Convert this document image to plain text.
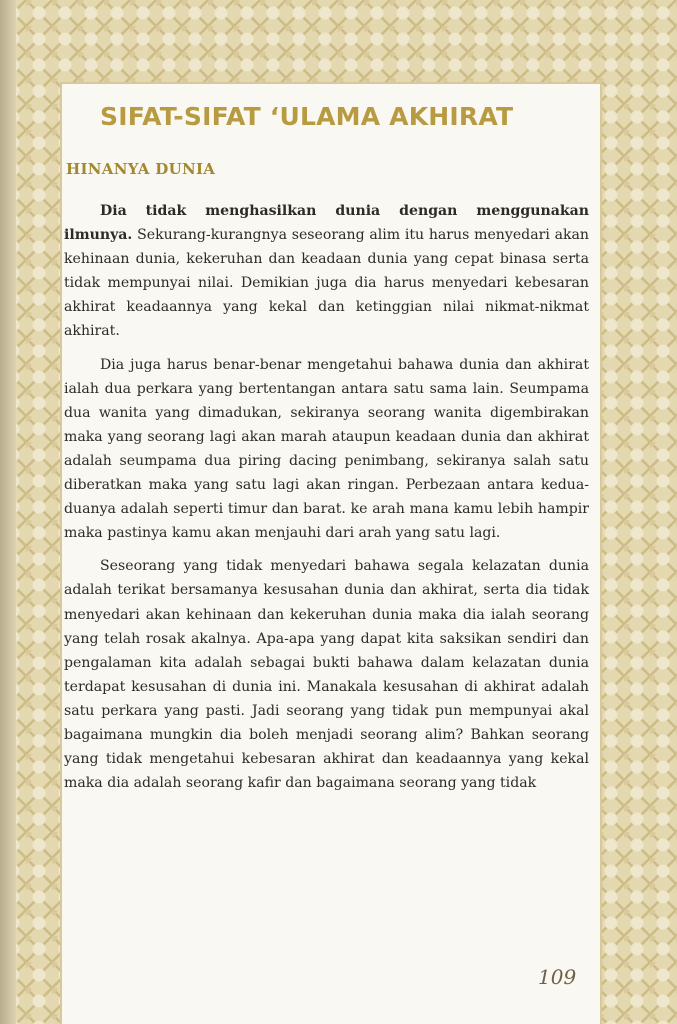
SIFAT-SIFAT ‘ULAMA AKHIRAT
HINANYA DUNIA

Dia tidak menghasilkan dunia dengan menggunakan ilmunya. Sekurang-kurangnya seseorang alim itu harus menyedari akan kehinaan dunia, kekeruhan dan keadaan dunia yang cepat binasa serta tidak mempunyai nilai. Demikian juga dia harus menyedari kebesaran akhirat keadaannya yang kekal dan ketinggian nilai nikmat-nikmat akhirat.

Dia juga harus benar-benar mengetahui bahawa dunia dan akhirat ialah dua perkara yang bertentangan antara satu sama lain. Seumpama dua wanita yang dimadukan, sekiranya seorang wanita digembirakan maka yang seorang lagi akan marah ataupun keadaan dunia dan akhirat adalah seumpama dua piring dacing penimbang, sekiranya salah satu diberatkan maka yang satu lagi akan ringan. Perbezaan antara kedua-duanya adalah seperti timur dan barat. ke arah mana kamu lebih hampir maka pastinya kamu akan menjauhi dari arah yang satu lagi.

Seseorang yang tidak menyedari bahawa segala kelazatan dunia adalah terikat bersamanya kesusahan dunia dan akhirat, serta dia tidak menyedari akan kehinaan dan kekeruhan dunia maka dia ialah seorang yang telah rosak akalnya. Apa-apa yang dapat kita saksikan sendiri dan pengalaman kita adalah sebagai bukti bahawa dalam kelazatan dunia terdapat kesusahan di dunia ini. Manakala kesusahan di akhirat adalah satu perkara yang pasti. Jadi seorang yang tidak pun mempunyai akal bagaimana mungkin dia boleh menjadi seorang alim? Bahkan seorang yang tidak mengetahui kebesaran akhirat dan keadaannya yang kekal maka dia adalah seorang kafir dan bagaimana seorang yang tidak

109
